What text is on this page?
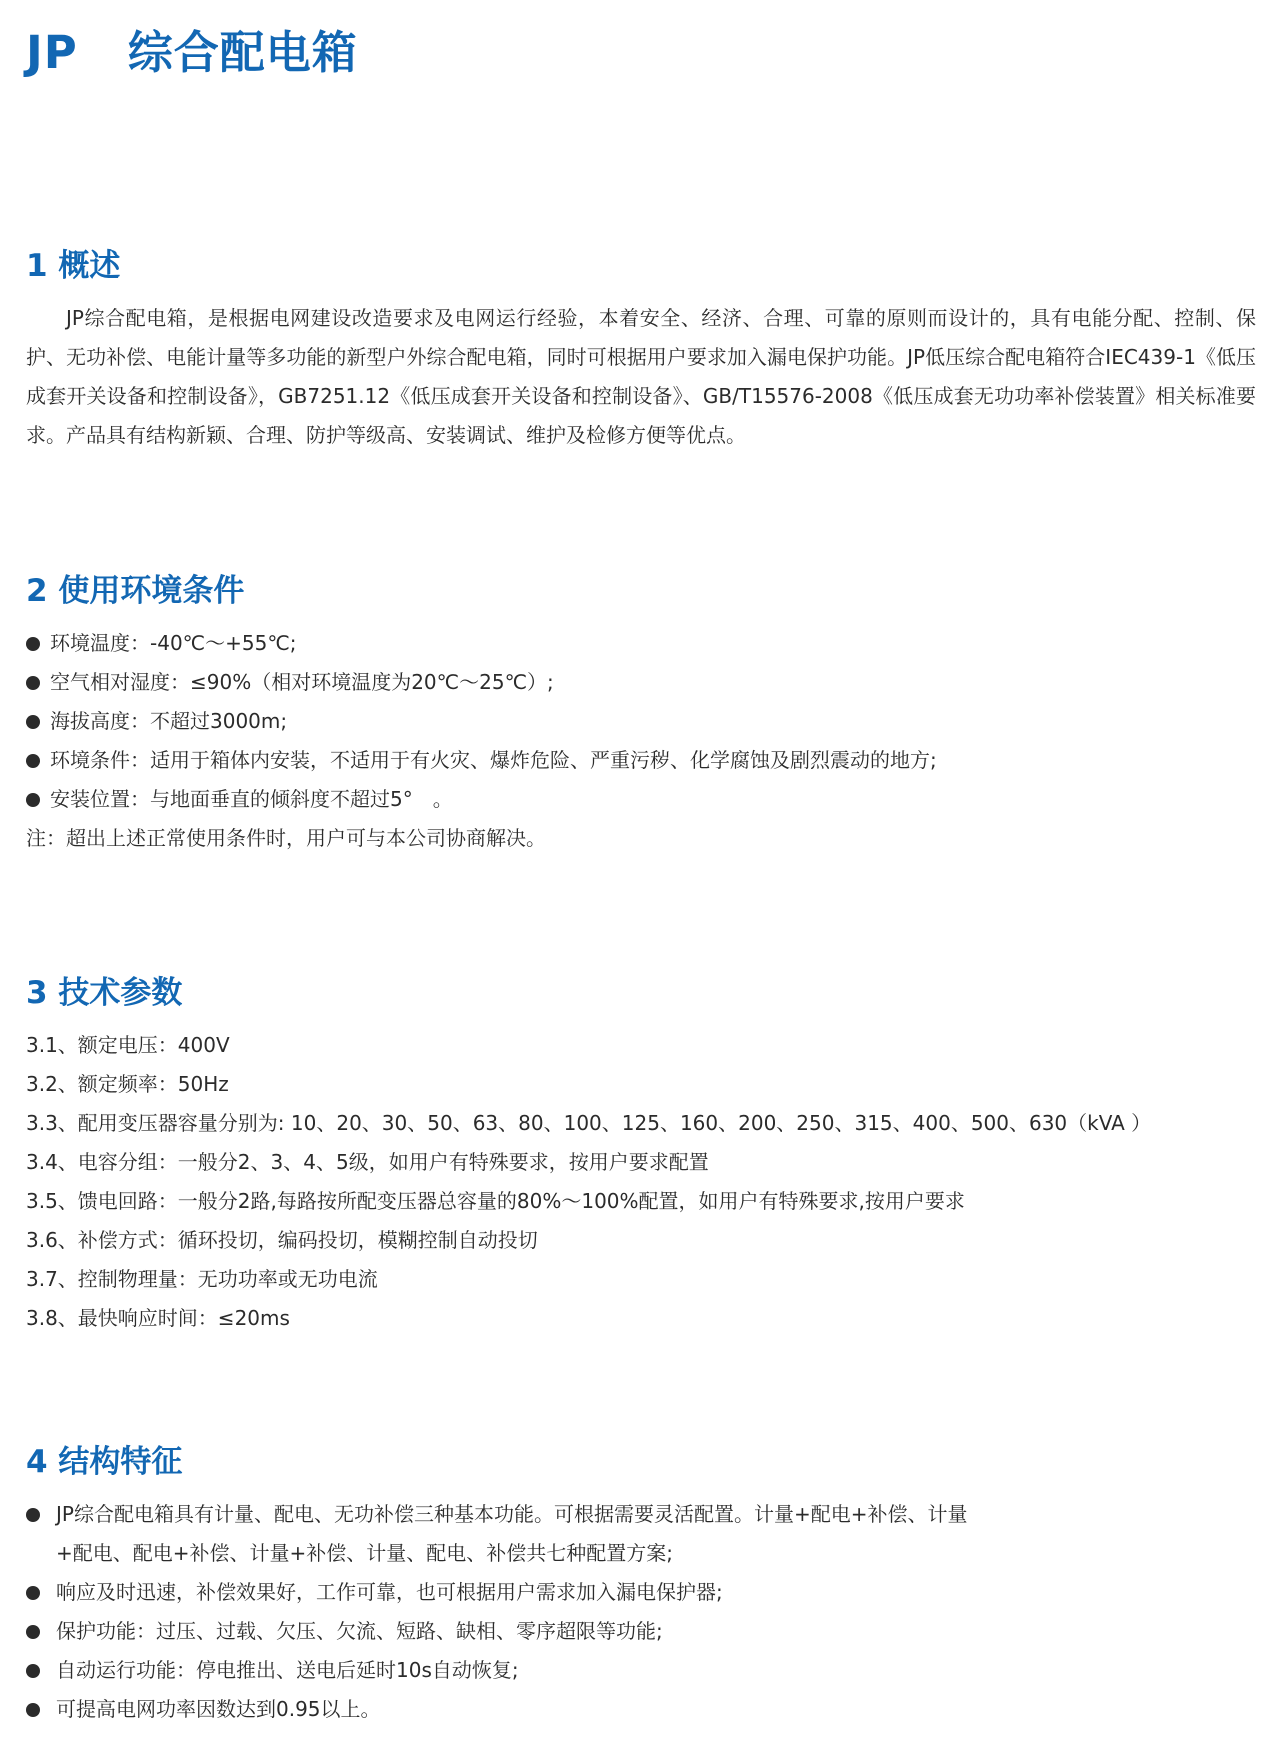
JP   综合配电箱
1 概述

JP综合配电箱，是根据电网建设改造要求及电网运行经验，本着安全、经济、合理、可靠的原则而设计的，具有电能分配、控制、保护、无功补偿、电能计量等多功能的新型户外综合配电箱，同时可根据用户要求加入漏电保护功能。JP低压综合配电箱符合IEC439-1《低压成套开关设备和控制设备》，GB7251.12《低压成套开关设备和控制设备》、GB/T15576-2008《低压成套无功功率补偿装置》相关标准要求。产品具有结构新颖、合理、防护等级高、安装调试、维护及检修方便等优点。

2 使用环境条件
环境温度：-40℃～+55℃;
空气相对湿度：≤90%（相对环境温度为20℃～25℃）;
海拔高度：不超过3000m;
环境条件：适用于箱体内安装，不适用于有火灾、爆炸危险、严重污秽、化学腐蚀及剧烈震动的地方;
安装位置：与地面垂直的倾斜度不超过5°　。

注：超出上述正常使用条件时，用户可与本公司协商解决。

3 技术参数

3.1、额定电压：400V

3.2、额定频率：50Hz

3.3、配用变压器容量分别为: 10、20、30、50、63、80、100、125、160、200、250、315、400、500、630（kVA ）

3.4、电容分组：一般分2、3、4、5级，如用户有特殊要求，按用户要求配置

3.5、馈电回路：一般分2路,每路按所配变压器总容量的80%～100%配置，如用户有特殊要求,按用户要求

3.6、补偿方式：循环投切，编码投切，模糊控制自动投切

3.7、控制物理量：无功功率或无功电流

3.8、最快响应时间：≤20ms

4 结构特征
JP综合配电箱具有计量、配电、无功补偿三种基本功能。可根据需要灵活配置。计量+配电+补偿、计量+配电、配电+补偿、计量+补偿、计量、配电、补偿共七种配置方案;
响应及时迅速，补偿效果好，工作可靠，也可根据用户需求加入漏电保护器;
保护功能：过压、过载、欠压、欠流、短路、缺相、零序超限等功能;
自动运行功能：停电推出、送电后延时10s自动恢复;
可提高电网功率因数达到0.95以上。
